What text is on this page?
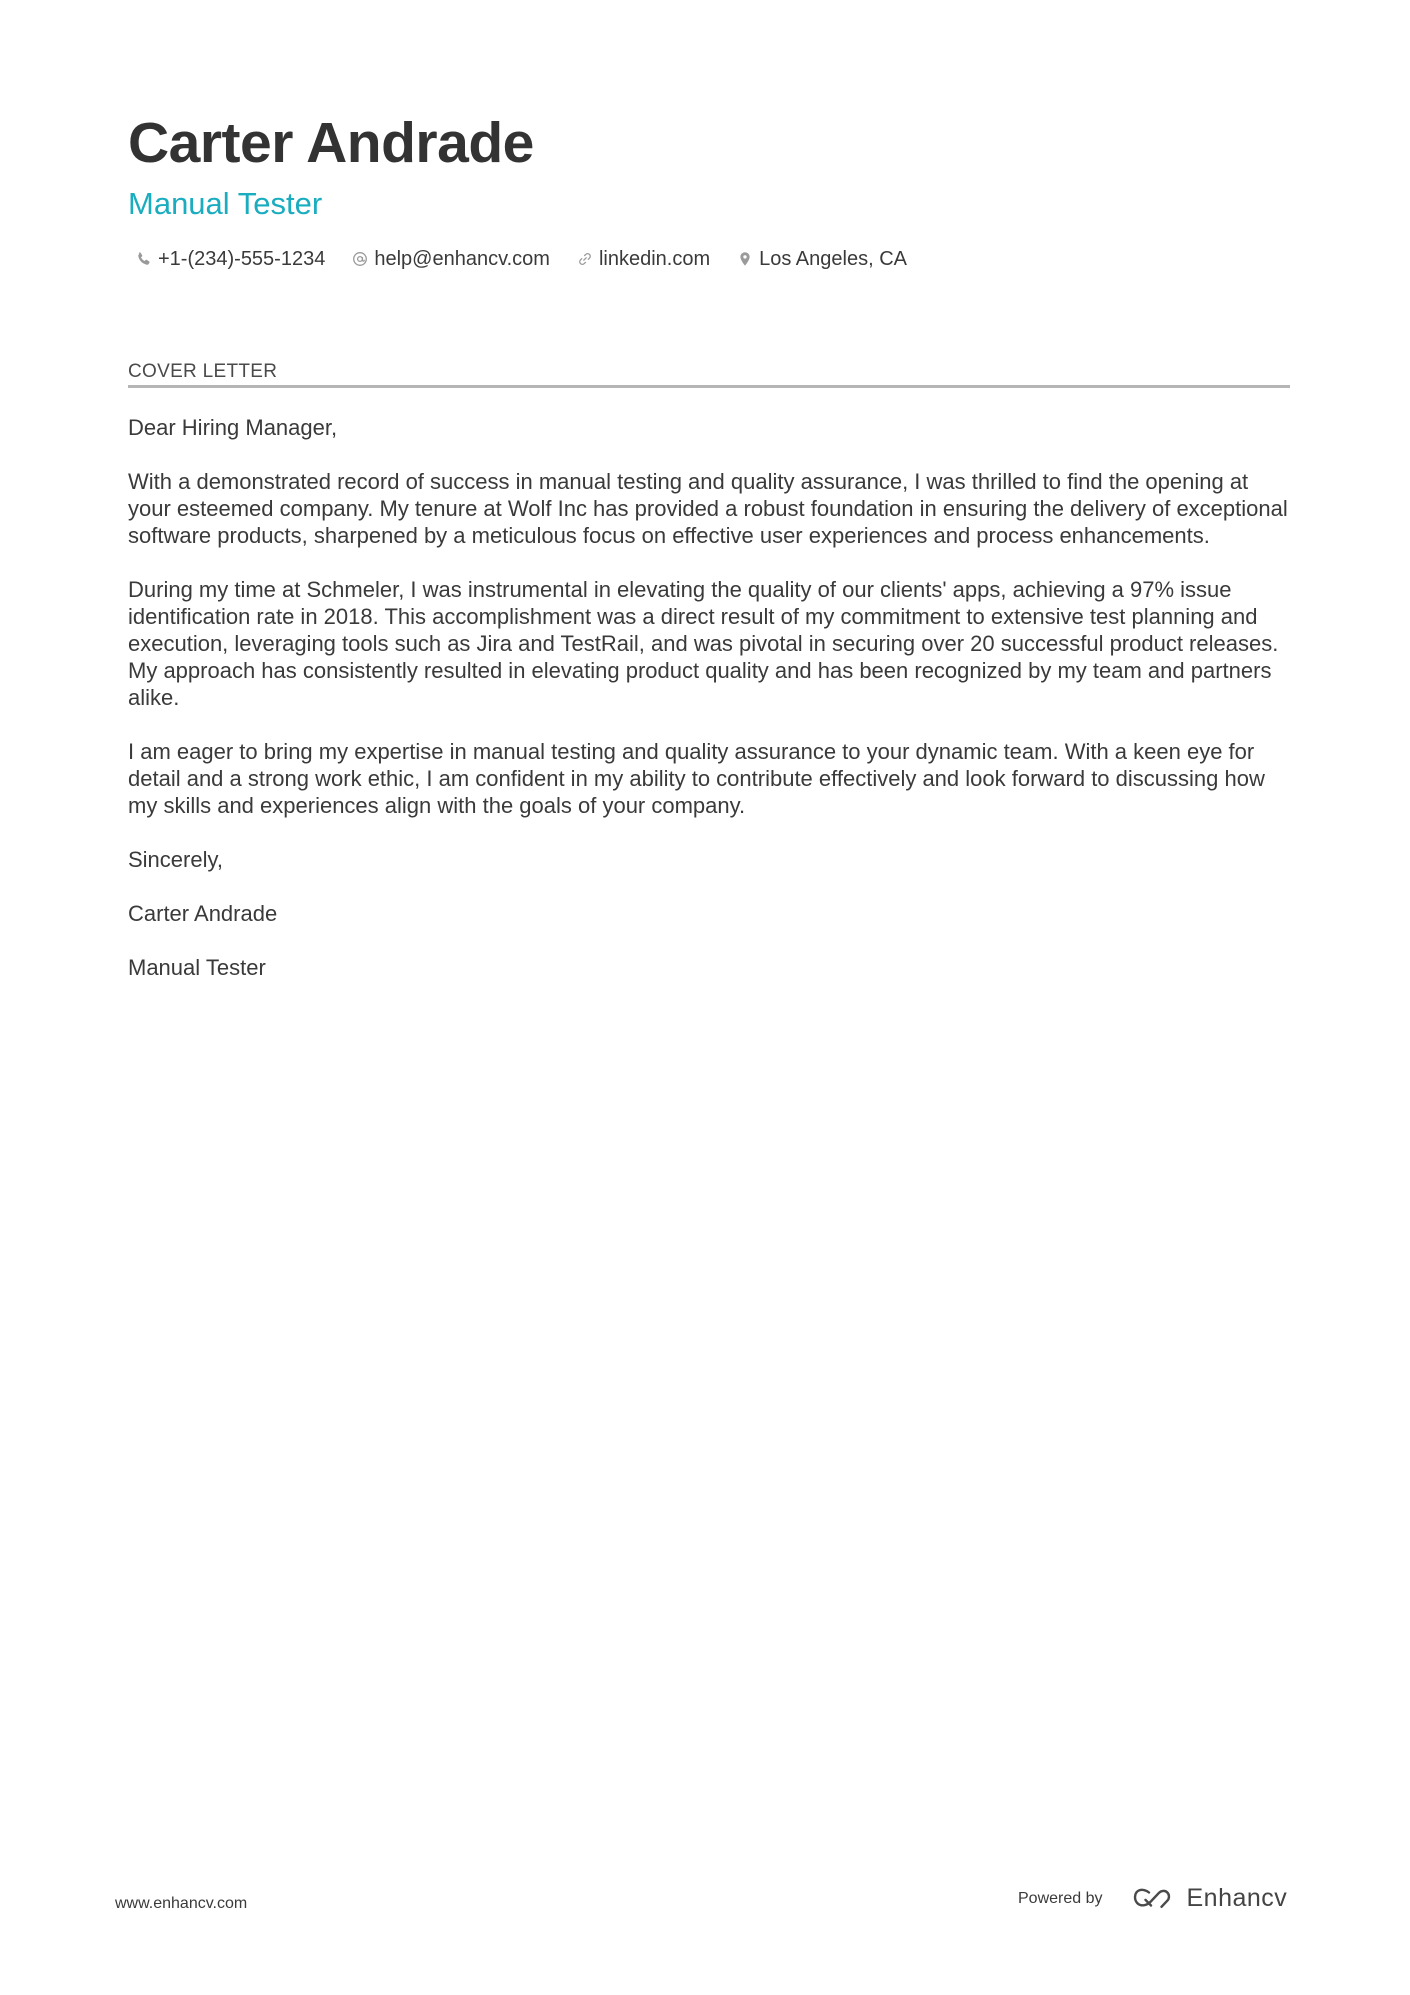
Carter Andrade
Manual Tester
+1-(234)-555-1234 help@enhancv.com linkedin.com Los Angeles, CA
COVER LETTER

Dear Hiring Manager,

With a demonstrated record of success in manual testing and quality assurance, I was thrilled to find the opening at your esteemed company. My tenure at Wolf Inc has provided a robust foundation in ensuring the delivery of exceptional software products, sharpened by a meticulous focus on effective user experiences and process enhancements.

During my time at Schmeler, I was instrumental in elevating the quality of our clients' apps, achieving a 97% issue identification rate in 2018. This accomplishment was a direct result of my commitment to extensive test planning and execution, leveraging tools such as Jira and TestRail, and was pivotal in securing over 20 successful product releases. My approach has consistently resulted in elevating product quality and has been recognized by my team and partners alike.

I am eager to bring my expertise in manual testing and quality assurance to your dynamic team. With a keen eye for detail and a strong work ethic, I am confident in my ability to contribute effectively and look forward to discussing how my skills and experiences align with the goals of your company.

Sincerely,

Carter Andrade

Manual Tester

www.enhancv.com	Powered by	Enhancv
